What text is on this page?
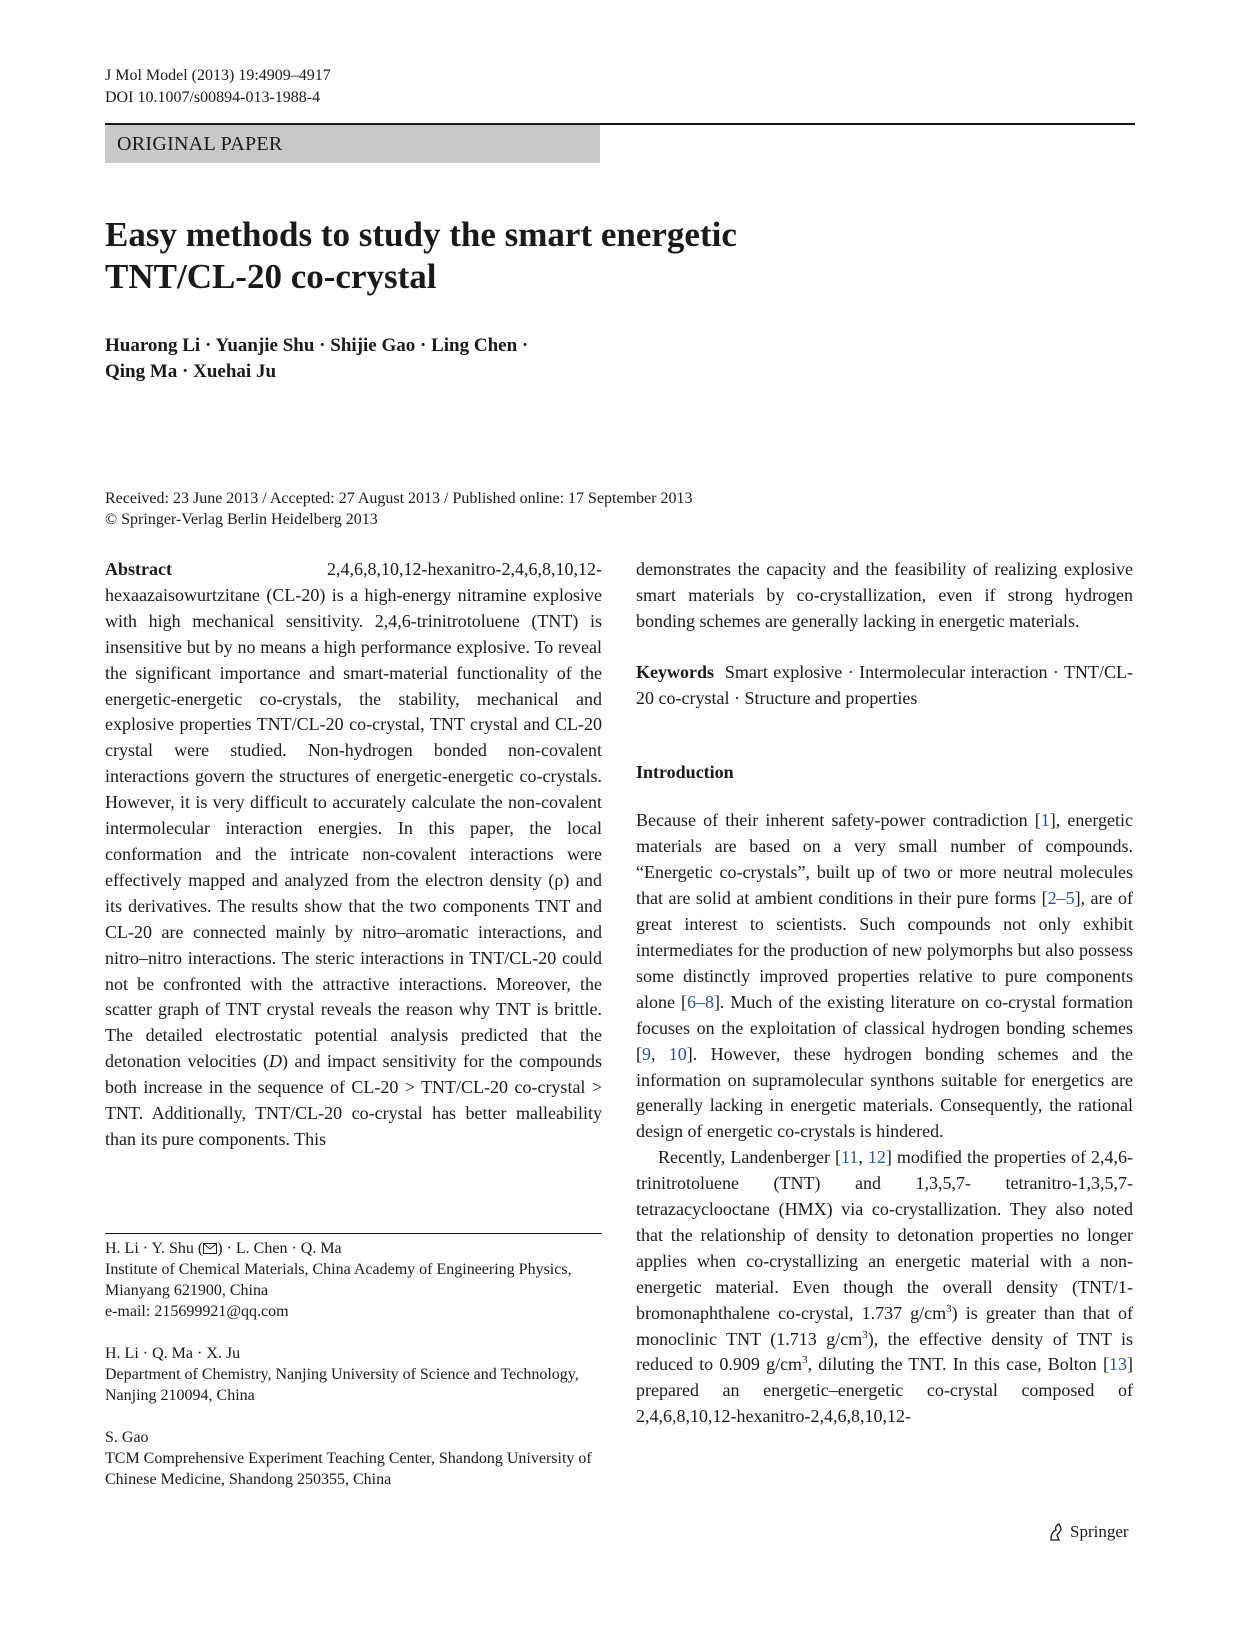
J Mol Model (2013) 19:4909–4917
DOI 10.1007/s00894-013-1988-4
ORIGINAL PAPER
Easy methods to study the smart energetic
TNT/CL-20 co-crystal
Huarong Li · Yuanjie Shu · Shijie Gao · Ling Chen ·
Qing Ma · Xuehai Ju
Received: 23 June 2013 / Accepted: 27 August 2013 / Published online: 17 September 2013
© Springer-Verlag Berlin Heidelberg 2013

Abstract	2,4,6,8,10,12-hexanitro-2,4,6,8,10,12-hexaazaisowurtzitane (CL-20) is a high-energy nitramine explosive with high mechanical sensitivity. 2,4,6-trinitrotoluene (TNT) is insensitive but by no means a high performance explosive. To reveal the significant importance and smart-material functionality of the energetic-energetic co-crystals, the stability, mechanical and explosive properties TNT/CL-20 co-crystal, TNT crystal and CL-20 crystal were studied. Non-hydrogen bonded non-covalent interactions govern the structures of energetic-energetic co-crystals. However, it is very difficult to accurately calculate the non-covalent intermolecular interaction energies. In this paper, the local conformation and the intricate non-covalent interactions were effectively mapped and analyzed from the electron density (ρ) and its derivatives. The results show that the two components TNT and CL-20 are connected mainly by nitro–aromatic interactions, and nitro–nitro interactions. The steric interactions in TNT/CL-20 could not be confronted with the attractive interactions. Moreover, the scatter graph of TNT crystal reveals the reason why TNT is brittle. The detailed electrostatic potential analysis predicted that the detonation velocities (D) and impact sensitivity for the compounds both increase in the sequence of CL-20 > TNT/CL-20 co-crystal > TNT. Additionally, TNT/CL-20 co-crystal has better malleability than its pure components. This

H. Li · Y. Shu ( ) · L. Chen · Q. Ma
Institute of Chemical Materials, China Academy of Engineering Physics, Mianyang 621900, China
e-mail: 215699921@qq.com
H. Li · Q. Ma · X. Ju
Department of Chemistry, Nanjing University of Science and Technology, Nanjing 210094, China
S. Gao
TCM Comprehensive Experiment Teaching Center, Shandong University of Chinese Medicine, Shandong 250355, China

demonstrates the capacity and the feasibility of realizing explosive smart materials by co-crystallization, even if strong hydrogen bonding schemes are generally lacking in energetic materials.

Keywords Smart explosive · Intermolecular interaction · TNT/CL-20 co-crystal · Structure and properties

Introduction

Because of their inherent safety-power contradiction [1], energetic materials are based on a very small number of compounds. “Energetic co-crystals”, built up of two or more neutral molecules that are solid at ambient conditions in their pure forms [2–5], are of great interest to scientists. Such compounds not only exhibit intermediates for the production of new polymorphs but also possess some distinctly improved properties relative to pure components alone [6–8]. Much of the existing literature on co-crystal formation focuses on the exploitation of classical hydrogen bonding schemes [9, 10]. However, these hydrogen bonding schemes and the information on supramolecular synthons suitable for energetics are generally lacking in energetic materials. Consequently, the rational design of energetic co-crystals is hindered.

Recently, Landenberger [11, 12] modified the properties of 2,4,6-trinitrotoluene (TNT) and 1,3,5,7- tetranitro-1,3,5,7-tetrazacyclooctane (HMX) via co-crystallization. They also noted that the relationship of density to detonation properties no longer applies when co-crystallizing an energetic material with a non-energetic material. Even though the overall density (TNT/1-bromonaphthalene co-crystal, 1.737 $g/cm^3$) is greater than that of monoclinic TNT (1.713 $g/cm^3$), the effective density of TNT is reduced to 0.909 $g/cm^3$, diluting the TNT. In this case, Bolton [13] prepared an energetic–energetic co-crystal composed of 2,4,6,8,10,12-hexanitro-2,4,6,8,10,12-

Springer
